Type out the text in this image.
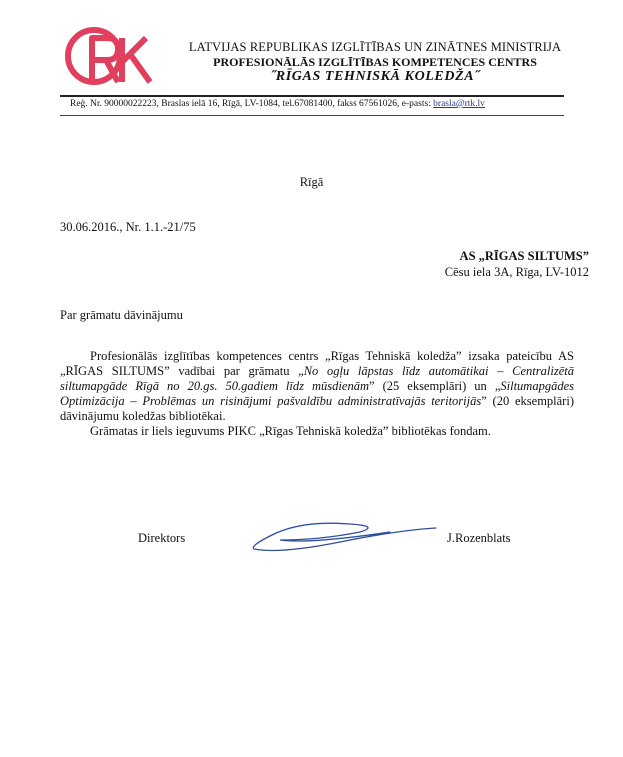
LATVIJAS REPUBLIKAS IZGLĪTĪBAS UN ZINĀTNES MINISTRIJA
PROFESIONĀLĀS IZGLĪTĪBAS KOMPETENCES CENTRS
˝RĪGAS TEHNISKĀ KOLEDŽA˝
Reģ. Nr. 90000022223, Braslas ielā 16, Rīgā, LV-1084, tel.67081400, fakss 67561026, e-pasts: brasla@rtk.lv
Rīgā
30.06.2016., Nr. 1.1.-21/75
AS „RĪGAS SILTUMS”
Cēsu iela 3A, Rīga, LV-1012
Par grāmatu dāvinājumu

Profesionālās izglītības kompetences centrs „Rīgas Tehniskā koledža” izsaka pateicību AS „RĪGAS SILTUMS” vadībai par grāmatu „No ogļu lāpstas līdz automātikai – Centralizētā siltumapgāde Rīgā no 20.gs. 50.gadiem līdz mūsdienām” (25 eksemplāri) un „Siltumapgādes Optimizācija – Problēmas un risinājumi pašvaldību administratīvajās teritorijās” (20 eksemplāri) dāvinājumu koledžas bibliotēkai.

Grāmatas ir liels ieguvums PIKC „Rīgas Tehniskā koledža” bibliotēkas fondam.

Direktors	J.Rozenblats
